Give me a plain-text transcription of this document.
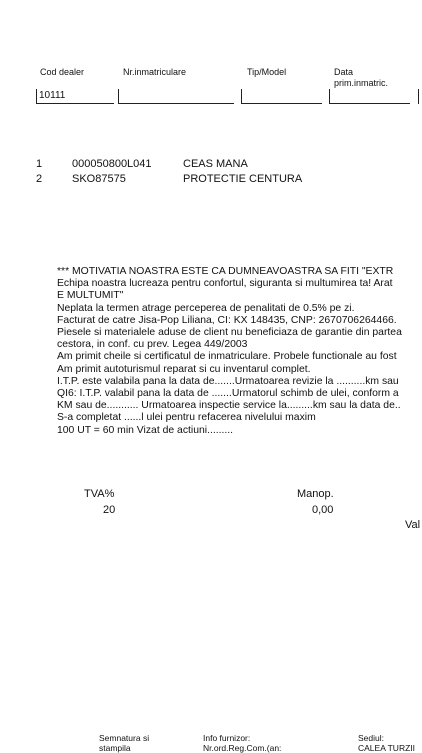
Cod dealer	Nr.inmatriculare	Tip/Model	Data
prim.inmatric.
10111
1	000050800L041	CEAS MANA
2	SKO87575	PROTECTIE CENTURA
*** MOTIVATIA NOASTRA ESTE CA DUMNEAVOASTRA SA FITI "EXTR
Echipa noastra lucreaza pentru confortul, siguranta si multumirea ta! Arat
E MULTUMIT"
Neplata la termen atrage perceperea de penalitati de 0.5% pe zi.
Facturat de catre Jisa-Pop Liliana, CI: KX 148435, CNP: 2670706264466.
Piesele si materialele aduse de client nu beneficiaza de garantie din partea
cestora, in conf. cu prev. Legea 449/2003
Am primit cheile si certificatul de inmatriculare. Probele functionale au fost
Am primit autoturismul reparat si cu inventarul complet.
I.T.P. este valabila pana la data de.......Urmatoarea revizie la ..........km sau
QI6: I.T.P. valabil pana la data de .......Urmatorul schimb de ulei, conform a
KM sau de........... Urmatoarea inspectie service la.........km sau la data de..
S-a completat ......l ulei pentru refacerea nivelului maxim
100 UT = 60 min Vizat de actiuni.........
TVA%
20
Manop.
0,00
Val
Semnatura si
stampila
Info furnizor:
Nr.ord.Reg.Com.(an:
Sediul:
CALEA TURZII
